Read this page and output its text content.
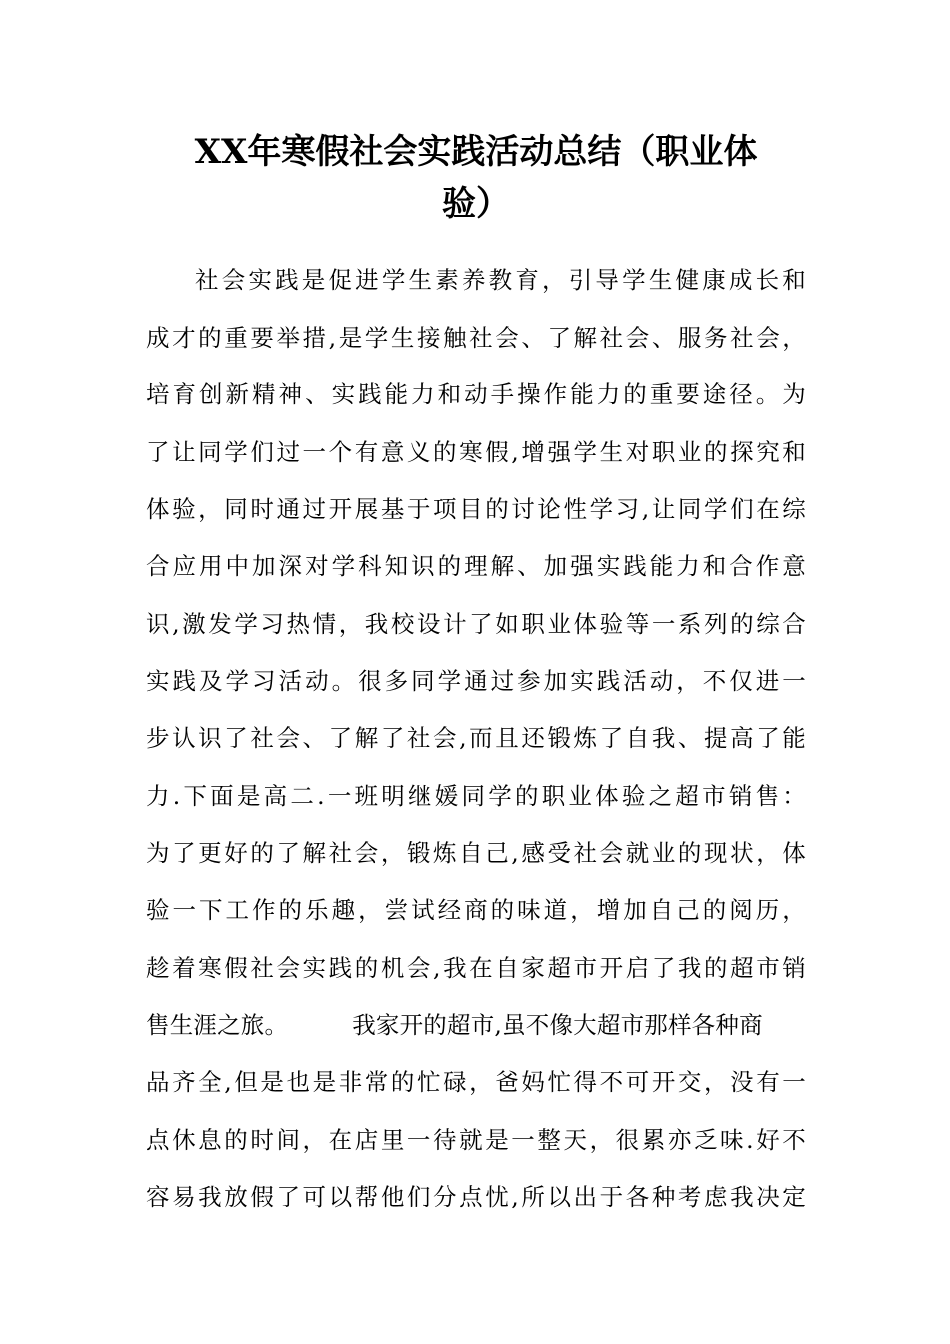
XX年寒假社会实践活动总结（职业体
验）

社会实践是促进学生素养教育，引导学生健康成长和

成才的重要举措,是学生接触社会、了解社会、服务社会，

培育创新精神、实践能力和动手操作能力的重要途径。为

了让同学们过一个有意义的寒假,增强学生对职业的探究和

体验，同时通过开展基于项目的讨论性学习,让同学们在综

合应用中加深对学科知识的理解、加强实践能力和合作意

识,激发学习热情，我校设计了如职业体验等一系列的综合

实践及学习活动。很多同学通过参加实践活动，不仅进一

步认识了社会、了解了社会,而且还锻炼了自我、提高了能

力.下面是高二.一班明继媛同学的职业体验之超市销售：

为了更好的了解社会，锻炼自己,感受社会就业的现状，体

验一下工作的乐趣，尝试经商的味道，增加自己的阅历，

趁着寒假社会实践的机会,我在自家超市开启了我的超市销

售生涯之旅。	我家开的超市,虽不像大超市那样各种商

品齐全,但是也是非常的忙碌，爸妈忙得不可开交，没有一

点休息的时间，在店里一待就是一整天，很累亦乏味.好不

容易我放假了可以帮他们分点忧,所以出于各种考虑我决定
